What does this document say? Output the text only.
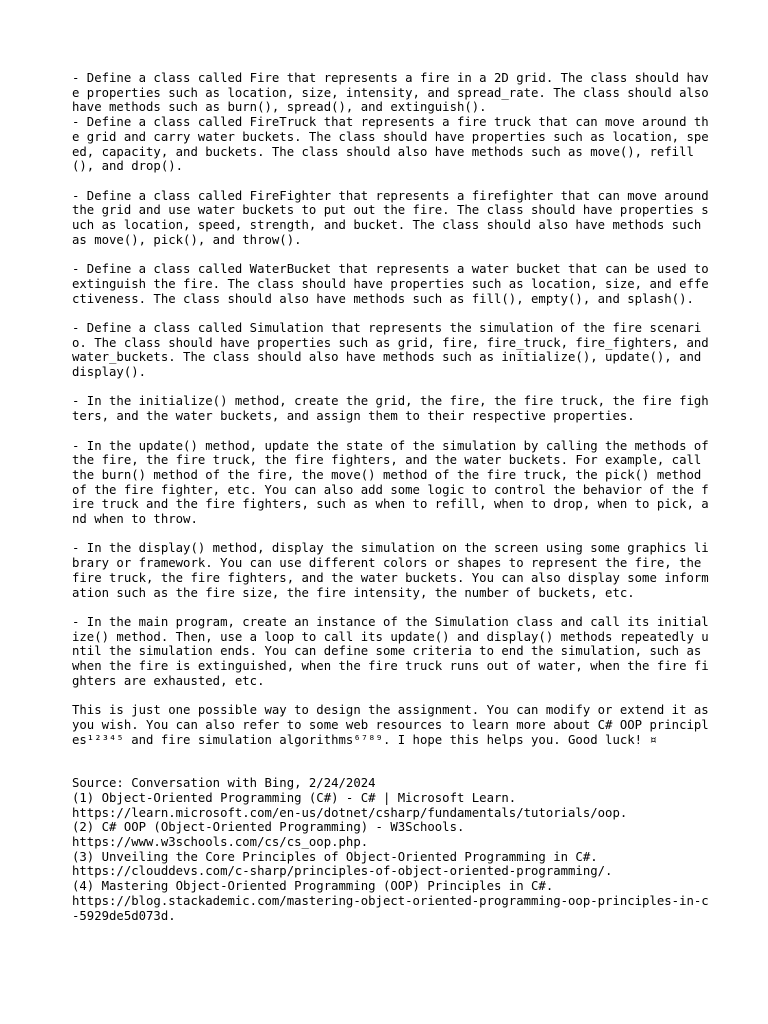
- Define a class called Fire that represents a fire in a 2D grid. The class should have properties such as location, size, intensity, and spread_rate. The class should also have methods such as burn(), spread(), and extinguish().

- Define a class called FireTruck that represents a fire truck that can move around the grid and carry water buckets. The class should have properties such as location, speed, capacity, and buckets. The class should also have methods such as move(), refill(), and drop().

- Define a class called FireFighter that represents a firefighter that can move around the grid and use water buckets to put out the fire. The class should have properties such as location, speed, strength, and bucket. The class should also have methods such as move(), pick(), and throw().

- Define a class called WaterBucket that represents a water bucket that can be used to extinguish the fire. The class should have properties such as location, size, and effectiveness. The class should also have methods such as fill(), empty(), and splash().

- Define a class called Simulation that represents the simulation of the fire scenario. The class should have properties such as grid, fire, fire_truck, fire_fighters, and water_buckets. The class should also have methods such as initialize(), update(), and display().

- In the initialize() method, create the grid, the fire, the fire truck, the fire fighters, and the water buckets, and assign them to their respective properties.

- In the update() method, update the state of the simulation by calling the methods of the fire, the fire truck, the fire fighters, and the water buckets. For example, call the burn() method of the fire, the move() method of the fire truck, the pick() method of the fire fighter, etc. You can also add some logic to control the behavior of the fire truck and the fire fighters, such as when to refill, when to drop, when to pick, and when to throw.

- In the display() method, display the simulation on the screen using some graphics library or framework. You can use different colors or shapes to represent the fire, the fire truck, the fire fighters, and the water buckets. You can also display some information such as the fire size, the fire intensity, the number of buckets, etc.

- In the main program, create an instance of the Simulation class and call its initialize() method. Then, use a loop to call its update() and display() methods repeatedly until the simulation ends. You can define some criteria to end the simulation, such as when the fire is extinguished, when the fire truck runs out of water, when the fire fighters are exhausted, etc.

This is just one possible way to design the assignment. You can modify or extend it as you wish. You can also refer to some web resources to learn more about C# OOP principles¹²³⁴⁵ and fire simulation algorithms⁶⁷⁸⁹. I hope this helps you. Good luck! ¤

Source: Conversation with Bing, 2/24/2024

(1) Object-Oriented Programming (C#) - C# | Microsoft Learn.

https://learn.microsoft.com/en-us/dotnet/csharp/fundamentals/tutorials/oop.

(2) C# OOP (Object-Oriented Programming) - W3Schools.

https://www.w3schools.com/cs/cs_oop.php.

(3) Unveiling the Core Principles of Object-Oriented Programming in C#.

https://clouddevs.com/c-sharp/principles-of-object-oriented-programming/.

(4) Mastering Object-Oriented Programming (OOP) Principles in C#.

https://blog.stackademic.com/mastering-object-oriented-programming-oop-principles-in-c-5929de5d073d.
